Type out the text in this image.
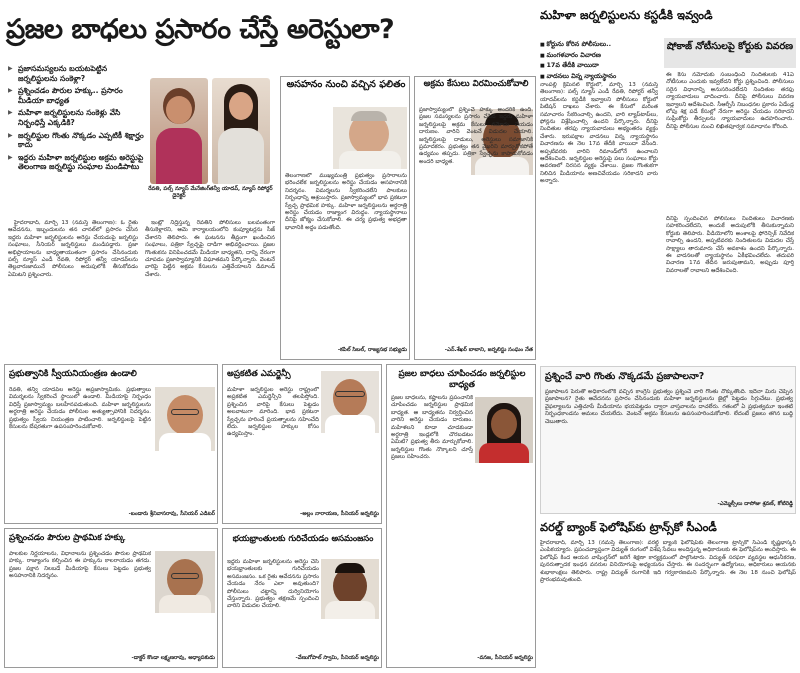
ప్రజల బాధలు ప్రసారం చేస్తే అరెస్టులా?
▶ ప్రజాసమస్యలను బయటపెట్టిన జర్నలిస్టులను సంకెళ్లా?
▶ ప్రశ్నించడం పౌరుల హక్కు.. ప్రసారం మీడియా బాధ్యత
▶ మహిళా జర్నలిస్టులను సంకెళ్లు వేసి నిర్బంధిస్తే ఎక్కడికి?
▶ జర్నలిస్టుల గొంతు నొక్కడం ఎప్పటికీ శిక్షార్హం కాదు
▶ ఇద్దరు మహిళా జర్నలిస్టుల అక్రమ అరెస్టుపై తెలంగాణ జర్నలిస్టు సంఘాల మండిపాటు
రేవతి, పల్స్ న్యూస్ మేనేజింగ్ డైరెక్టర్
తన్వీ యాదవ్, న్యూస్ రిపోర్టర్

హైదరాబాద్, మార్చి 13 (నమస్తే తెలంగాణ): ఓ రైతు ఆవేదనను, ఇబ్బందులను తన చానల్‌లో ప్రసారం చేసిన ఇద్దరు మహిళా జర్నలిస్టులను అరెస్టు చేయడంపై జర్నలిస్టు సంఘాలు, సీనియర్ జర్నలిస్టులు మండిపడ్డారు. ప్రజా అభిప్రాయాలను బాధ్యతాయుతంగా ప్రసారం చేసినందుకు పల్స్ న్యూస్ ఎండీ రేవతి, రిపోర్టర్ తన్వీ యాదవ్‌లను తెల్లవారుజామునే పోలీసులు అదుపులోకి తీసుకోవడం ఏమిటని ప్రశ్నించారు.

ఇంట్లో నిద్రిస్తున్న రేవతిని పోలీసులు బలవంతంగా తీసుకెళ్లారని, ఆమె కార్యాలయంలోని కంప్యూటర్లను సీజ్ చేశారని తెలిపారు. ఈ ఘటనను తీవ్రంగా ఖండించిన సంఘాలు, పత్రికా స్వేచ్ఛపై దాడిగా అభివర్ణించాయి. ప్రజల గొంతుకను వినిపించడమే మీడియా బాధ్యతని, దాన్ని నేరంగా చూపడం ప్రజాస్వామ్యానికి విఘాతమని పేర్కొన్నారు. వెంటనే వారిపై పెట్టిన అక్రమ కేసులను ఎత్తివేయాలని డిమాండ్ చేశారు.

అసహనం నుంచి వచ్చిన ఫలితం
తెలంగాణలో ముఖ్యమంత్రి ప్రభుత్వం ప్రసారాలను భరించలేక జర్నలిస్టులను అరెస్టు చేయడం అసహనానికి నిదర్శనం. విమర్శలను స్వీకరించలేని పాలకులు నిర్బంధాన్ని ఆశ్రయిస్తారు. ప్రజాస్వామ్యంలో భావ ప్రకటనా స్వేచ్ఛ ప్రాథమిక హక్కు. మహిళా జర్నలిస్టులను అర్ధరాత్రి అరెస్టు చేయడం రాజ్యాంగ విరుద్ధం. న్యాయస్థానాలు దీనిపై జోక్యం చేసుకోవాలి. ఈ చర్య ప్రభుత్వ అభద్రతా భావానికి అద్దం పడుతోంది.
-కపిల్ సిబల్, రాజ్యసభ సభ్యుడు
అక్రమ కేసులు విరమించుకోవాలి
ప్రజాస్వామ్యంలో ప్రశ్నించే హక్కు అందరికీ ఉంది. ప్రజల సమస్యలను ప్రసారం చేసిన ఇద్దరు మహిళా జర్నలిస్టులపై అక్రమ కేసులు నమోదు చేయడం దారుణం. వారిని వెంటనే విడుదల చేయాలి. జర్నలిస్టులపై దాడులు, అరెస్టులు సమాజానికి ప్రమాదకరం. ప్రభుత్వం తన వైఖరిని మార్చుకోకపోతే ఉద్యమం తప్పదు. పత్రికా స్వేచ్ఛను కాపాడుకోవడం అందరి బాధ్యత.
-ఎన్.శేఖర్ బాబాని, జర్నలిస్టు సంఘం నేత
మహిళా జర్నలిస్టులను కస్టడీకి ఇవ్వండి
■ కోర్టును కోరిన పోలీసులు..
■ మంగళవారం విచారణ
■ 17వ తేదీకి వాయిదా
■ వాదనలు విన్న న్యాయస్థానం
నాంపల్లి క్రిమినల్ కోర్టులో, మార్చి 13 (నమస్తే తెలంగాణ): పల్స్ న్యూస్ ఎండీ రేవతి, రిపోర్టర్ తన్వీ యాదవ్‌లను కస్టడీకి ఇవ్వాలని పోలీసులు కోర్టులో పిటిషన్ దాఖలు చేశారు. ఈ కేసులో మరింత సమాచారం సేకరించాల్సి ఉందని, వారి ల్యాప్‌టాప్‌లు, ఫోన్లను విశ్లేషించాల్సి ఉందని పేర్కొన్నారు. దీనిపై నిందితుల తరఫు న్యాయవాదులు అభ్యంతరం వ్యక్తం చేశారు. ఇరుపక్షాల వాదనలు విన్న న్యాయస్థానం విచారణను ఈ నెల 17వ తేదీకి వాయిదా వేసింది. అప్పటివరకు వారిని రిమాండ్‌లోనే ఉంచాలని ఆదేశించింది. జర్నలిస్టుల అరెస్టుపై పలు సంఘాలు కోర్టు ఆవరణలో నిరసన వ్యక్తం చేశాయి. ప్రజల గొంతుకగా నిలిచిన మీడియాను అణచివేయడం సరికాదని వారు అన్నారు.
షోకాజ్ నోటీసులపై కోర్టుకు వివరణ
ఈ కేసు నమోదుకు సంబంధించి నిందితులకు 41ఏ నోటీసులు ఎందుకు ఇవ్వలేదని కోర్టు ప్రశ్నించింది. పోలీసులు సరైన విధానాన్ని అనుసరించలేదని నిందితుల తరఫు న్యాయవాదులు వాదించారు. దీనిపై పోలీసులు వివరణ ఇవ్వాలని ఆదేశించింది. సీఆర్పీసీ నిబంధనల ప్రకారం ఏడేండ్ల లోపు శిక్ష పడే కేసుల్లో నేరుగా అరెస్టు చేయడం సరికాదని సుప్రీంకోర్టు తీర్పులను న్యాయవాదులు ఉదహరించారు. దీనిపై పోలీసుల నుంచి లిఖితపూర్వక సమాధానం కోరింది.
దీనిపై స్పందించిన పోలీసులు నిందితులు విచారణకు సహకరించలేదని, అందుకే అదుపులోకి తీసుకున్నామని కోర్టుకు తెలిపారు. వీడియోలోని అంశాలపై ఫోరెన్సిక్ నివేదిక రావాల్సి ఉందని, అప్పటివరకు నిందితులను విడుదల చేస్తే సాక్ష్యాలు తారుమారు చేసే అవకాశం ఉందని పేర్కొన్నారు. ఈ వాదనలతో న్యాయస్థానం ఏకీభవించలేదు. తదుపరి విచారణ 17వ తేదీన జరుపుతామని, అప్పుడు పూర్తి వివరాలతో రావాలని ఆదేశించింది.
ప్రశ్నించే వారి గొంతు నొక్కడమే ప్రజాపాలనా?
ప్రజాపాలన పేరుతో అధికారంలోకి వచ్చిన కాంగ్రెస్ ప్రభుత్వం ప్రశ్నించే వారి గొంతు నొక్కుతోంది. ఇదేనా మీరు చెప్పిన ప్రజాపాలన? రైతు ఆవేదనను ప్రసారం చేసినందుకు మహిళా జర్నలిస్టులను జైల్లో పెట్టడం సిగ్గుచేటు. ప్రభుత్వ వైఫల్యాలను ఎత్తిచూపే మీడియాను భయపెట్టడం ద్వారా వాస్తవాలను దాచలేరు. గతంలో ఏ ప్రభుత్వమూ ఇంతటి నిర్బంధకాండను అమలు చేయలేదు. వెంటనే అక్రమ కేసులను ఉపసంహరించుకోవాలి. లేదంటే ప్రజలు తగిన బుద్ధి చెబుతారు.
-ఎమ్మెల్సీలు దాసోజు శ్రవణ్, కోటిరెడ్డి
వరల్డ్ బ్యాంక్ ఫెలోషిప్‌కు ట్రాన్స్‌కో సీఎండీ
హైదరాబాద్, మార్చి 13 (నమస్తే తెలంగాణ): వరల్డ్ బ్యాంక్ ఫెలోషిప్‌కు తెలంగాణ ట్రాన్స్‌కో సీఎండీ కృష్ణభాస్కర్ ఎంపికయ్యారు. ప్రపంచవ్యాప్తంగా విద్యుత్ రంగంలో విశేష సేవలు అందిస్తున్న అధికారులకు ఈ ఫెలోషిప్‌ను అందిస్తారు. ఈ ఫెలోషిప్ కింద ఆయన వాషింగ్టన్‌లో జరిగే శిక్షణా కార్యక్రమంలో పాల్గొంటారు. విద్యుత్ సరఫరా వ్యవస్థల ఆధునీకరణ, పునరుత్పాదక ఇంధన వనరుల వినియోగంపై అధ్యయనం చేస్తారు. ఈ సందర్భంగా ఉద్యోగులు, అధికారులు ఆయనకు శుభాకాంక్షలు తెలిపారు. రాష్ట్ర విద్యుత్ రంగానికి ఇది గర్వకారణమని పేర్కొన్నారు. ఈ నెల 18 నుంచి ఫెలోషిప్ ప్రారంభమవుతుంది.
ప్రభుత్వానికి స్వీయనియంత్రణ ఉండాలి
రేవతి, తన్వీ యాదవ్‌ల అరెస్టు అప్రజాస్వామికం. ప్రభుత్వాలు విమర్శలను స్వీకరించే స్థాయిలో ఉండాలి. మీడియాపై నిర్బంధం విధిస్తే ప్రజాస్వామ్యం బలహీనపడుతుంది. మహిళా జర్నలిస్టులను అర్ధరాత్రి అరెస్టు చేయడం పోలీసుల అత్యుత్సాహానికి నిదర్శనం. ప్రభుత్వం స్వీయ నియంత్రణ పాటించాలి. జర్నలిస్టులపై పెట్టిన కేసులను బేషరతుగా ఉపసంహరించుకోవాలి.
-బండారు శ్రీనివాసరావు, సీనియర్ ఎడిటర్
ప్రశ్నించడం పౌరుల ప్రాథమిక హక్కు
పాలకుల నిర్ణయాలను, విధానాలను ప్రశ్నించడం పౌరుల ప్రాథమిక హక్కు. రాజ్యాంగం కల్పించిన ఈ హక్కును కాలరాయడం తగదు. ప్రజల పక్షాన నిలబడే మీడియాపై కేసులు పెట్టడం ప్రభుత్వ అసహనానికి నిదర్శనం.
-డాక్టర్ కొండా లక్ష్మణరావు, అధ్యాపకుడు
అప్రకటిత ఎమర్జెన్సీ
మహిళా జర్నలిస్టుల అరెస్టు రాష్ట్రంలో అప్రకటిత ఎమర్జెన్సీని తలపిస్తోంది. ప్రశ్నించిన వారిపై కేసులు పెట్టడం అలవాటుగా మారింది. భావ ప్రకటనా స్వేచ్ఛను హరించే ప్రయత్నాలను సహించేది లేదు. జర్నలిస్టుల హక్కుల కోసం ఉద్యమిస్తాం.
-అల్లం నారాయణ, సీనియర్ జర్నలిస్టు
భయభ్రాంతులకు గురిచేయడం అసమంజసం
ఇద్దరు మహిళా జర్నలిస్టులను అరెస్టు చేసి భయభ్రాంతులకు గురిచేయడం అసమంజసం. ఒక రైతు ఆవేదనను ప్రసారం చేయడం నేరం ఎలా అవుతుంది? పోలీసులు చట్టాన్ని దుర్వినియోగం చేస్తున్నారు. ప్రభుత్వం తక్షణమే స్పందించి వారిని విడుదల చేయాలి.
-వేణుగోపాల్ స్వామి, సీనియర్ జర్నలిస్టు
ప్రజల బాధలు చూపించడం జర్నలిస్టుల బాధ్యత
ప్రజల బాధలను, కష్టాలను ప్రపంచానికి చూపించడం జర్నలిస్టుల ప్రాథమిక బాధ్యత. ఆ బాధ్యతను నిర్వర్తించిన వారిని అరెస్టు చేయడం దారుణం. మహిళలని కూడా చూడకుండా అర్ధరాత్రి ఇండ్లలోకి చొరబడటం ఏమిటి? ప్రభుత్వ తీరు మార్చుకోవాలి. జర్నలిస్టుల గొంతు నొక్కాలని చూస్తే ప్రజలు సహించరు.
-వనజ, సీనియర్ జర్నలిస్టు
